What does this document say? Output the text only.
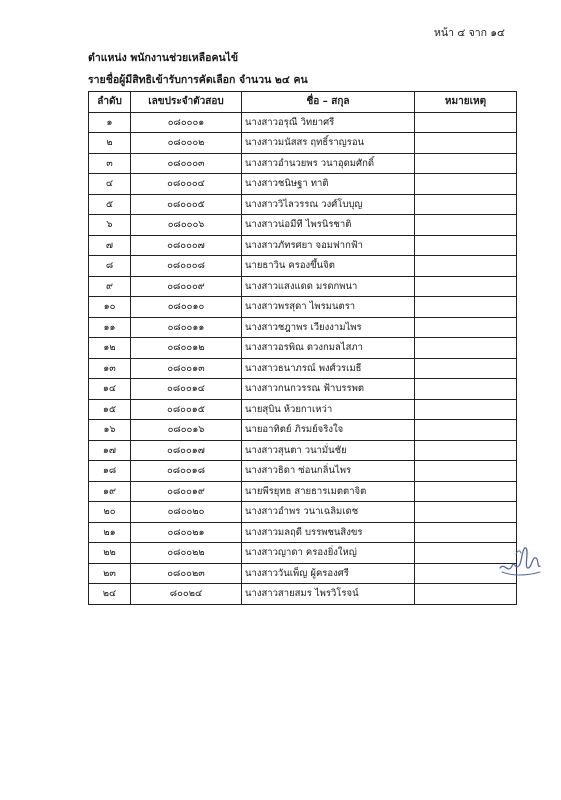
หน้า ๔ จาก ๑๔
ตำแหน่ง พนักงานช่วยเหลือคนไข้
รายชื่อผู้มีสิทธิเข้ารับการคัดเลือก จำนวน ๒๔ คน
ลำดับ	เลขประจำตัวสอบ	ชื่อ – สกุล	หมายเหตุ
๑	๐๘๐๐๐๑	นางสาวอรุณี วิทยาศรี	
๒	๐๘๐๐๐๒	นางสาวมนัสสร ฤทธิ์ราญรอน	
๓	๐๘๐๐๐๓	นางสาวอำนวยพร วนาอุดมศักดิ์	
๔	๐๘๐๐๐๔	นางสาวชนิษฐา ทาติ	
๕	๐๘๐๐๐๕	นางสาววิไลวรรณ วงศ์โบบุญ	
๖	๐๘๐๐๐๖	นางสาวน่อมีที ไพรนิรชาติ	
๗	๐๘๐๐๐๗	นางสาวภัทรศยา จอมฟากฟ้า	
๘	๐๘๐๐๐๘	นายธาวิน ครองขึ้นจิต	
๙	๐๘๐๐๐๙	นางสาวแสงแดด มรดกพนา	
๑๐	๐๘๐๐๑๐	นางสาวพรสุดา ไพรมนตรา	
๑๑	๐๘๐๐๑๑	นางสาวชฎาพร เวียงงามไพร	
๑๒	๐๘๐๐๑๒	นางสาวอรพิณ ดวงกมลไสภา	
๑๓	๐๘๐๐๑๓	นางสาวธนาภรณ์ พงศ์วรเมธี	
๑๔	๐๘๐๐๑๔	นางสาวกนกวรรณ ฟ้าบรรพต	
๑๕	๐๘๐๐๑๕	นายสุบิน ห้วยกาเหว่า	
๑๖	๐๘๐๐๑๖	นายอาทิตย์ ภิรมย์จริงใจ	
๑๗	๐๘๐๐๑๗	นางสาวสุนตา วนามั่นชัย	
๑๘	๐๘๐๐๑๘	นางสาวธิดา ซ่อนกลิ่นไพร	
๑๙	๐๘๐๐๑๙	นายพีรยุทธ สายธารเมตตาจิต	
๒๐	๐๘๐๐๒๐	นางสาวอำพร วนาเฉลิมเดช	
๒๑	๐๘๐๐๒๑	นางสาวมลฤดี บรรพชนสิงขร	
๒๒	๐๘๐๐๒๒	นางสาวญาดา ครองยิ่งใหญ่	
๒๓	๐๘๐๐๒๓	นางสาววันเพ็ญ ผู้ครองศรี	
๒๔	๘๐๐๒๔	นางสาวสายสมร ไพรวิโรจน์	
